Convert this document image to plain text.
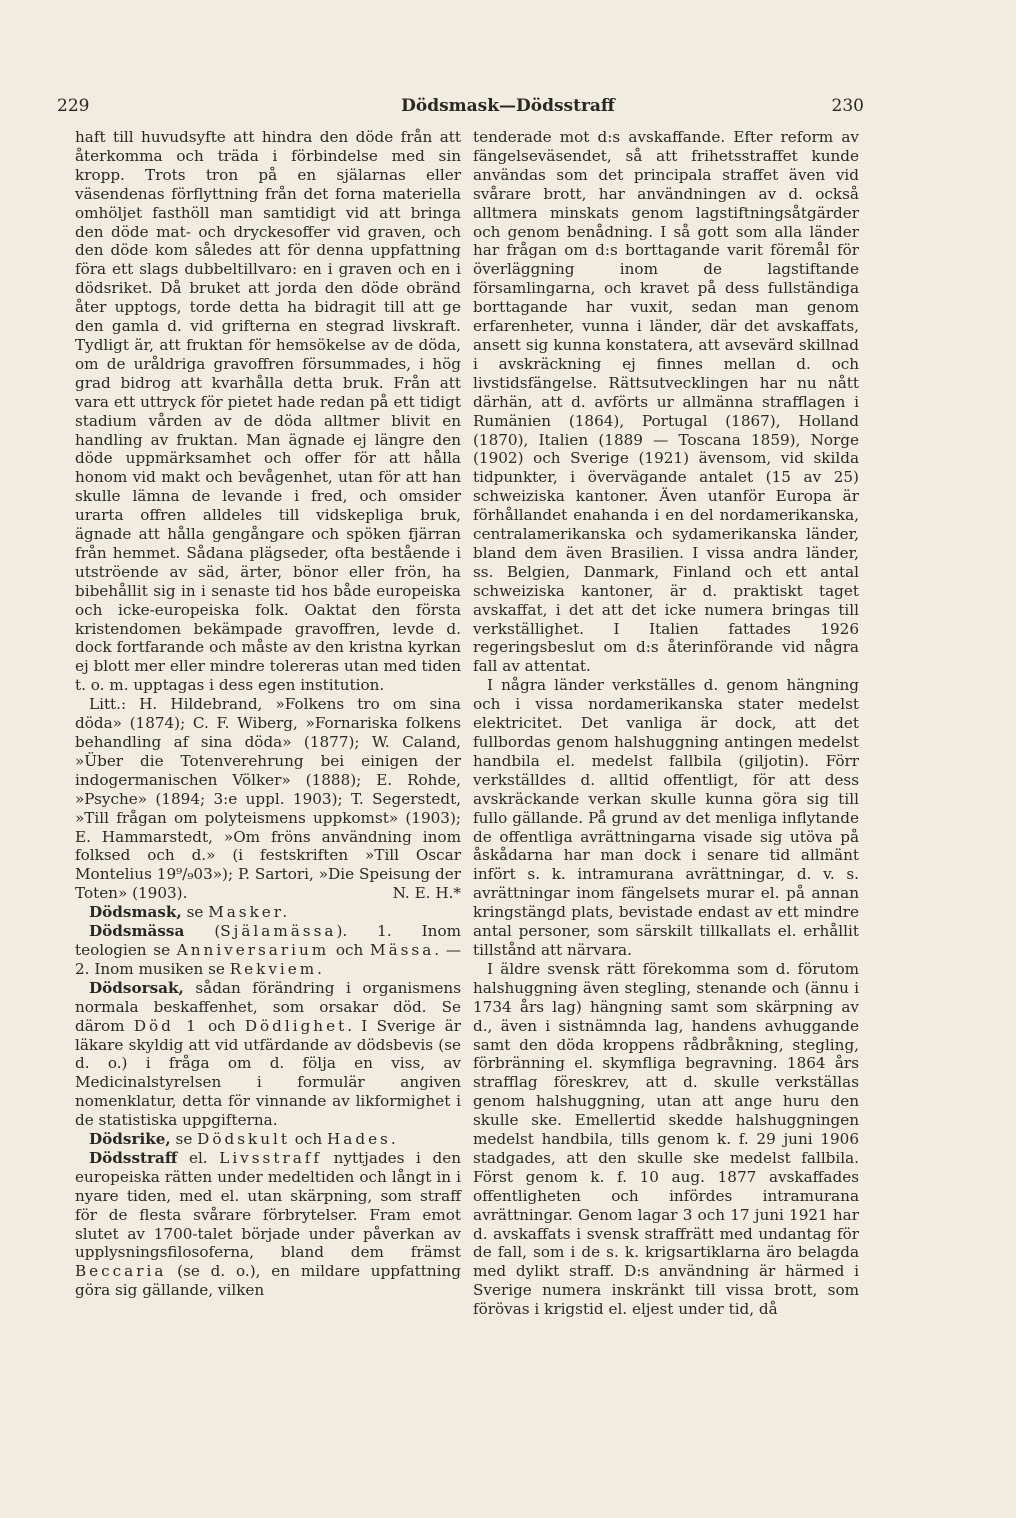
229	Dödsmask—Dödsstraff	230

haft till huvudsyfte att hindra den döde från att återkomma och träda i förbindelse med sin kropp. Trots tron på en själarnas eller väsendenas förflyttning från det forna materiella omhöljet fasthöll man samtidigt vid att bringa den döde mat- och dryckesoffer vid graven, och den döde kom således att för denna uppfattning föra ett slags dubbeltillvaro: en i graven och en i dödsriket. Då bruket att jorda den döde obränd åter upptogs, torde detta ha bidragit till att ge den gamla d. vid grifterna en stegrad livskraft. Tydligt är, att fruktan för hemsökelse av de döda, om de uråldriga gravoffren försummades, i hög grad bidrog att kvarhålla detta bruk. Från att vara ett uttryck för pietet hade redan på ett tidigt stadium vården av de döda alltmer blivit en handling av fruktan. Man ägnade ej längre den döde uppmärksamhet och offer för att hålla honom vid makt och bevågenhet, utan för att han skulle lämna de levande i fred, och omsider urarta offren alldeles till vidskepliga bruk, ägnade att hålla gengångare och spöken fjärran från hemmet. Sådana plägseder, ofta bestående i utströende av säd, ärter, bönor eller frön, ha bibehållit sig in i senaste tid hos både europeiska och icke-europeiska folk. Oaktat den första kristendomen bekämpade gravoffren, levde d. dock fortfarande och måste av den kristna kyrkan ej blott mer eller mindre tolereras utan med tiden t. o. m. upptagas i dess egen institution.

Litt.: H. Hildebrand, »Folkens tro om sina döda» (1874); C. F. Wiberg, »Fornariska folkens behandling af sina döda» (1877); W. Caland, »Über die Totenverehrung bei einigen der indogermanischen Völker» (1888); E. Rohde, »Psyche» (1894; 3:e uppl. 1903); T. Segerstedt, »Till frågan om polyteismens uppkomst» (1903); E. Hammarstedt, »Om fröns användning inom folksed och d.» (i festskriften »Till Oscar Montelius 19⁹/₉03»); P. Sartori, »Die Speisung der Toten» (1903).	N. E. H.*

Dödsmask, se Masker.

Dödsmässa (Själamässa). 1. Inom teologien se Anniversarium och Mässa. — 2. Inom musiken se Rekviem.

Dödsorsak, sådan förändring i organismens normala beskaffenhet, som orsakar död. Se därom Död 1 och Dödlighet. I Sverige är läkare skyldig att vid utfärdande av dödsbevis (se d. o.) i fråga om d. följa en viss, av Medicinalstyrelsen i formulär angiven nomenklatur, detta för vinnande av likformighet i de statistiska uppgifterna.

Dödsrike, se Dödskult och Hades.

Dödsstraff el. Livsstraff nyttjades i den europeiska rätten under medeltiden och långt in i nyare tiden, med el. utan skärpning, som straff för de flesta svårare förbrytelser. Fram emot slutet av 1700-talet började under påverkan av upplysningsfilosoferna, bland dem främst Beccaria (se d. o.), en mildare uppfattning göra sig gällande, vilken

tenderade mot d:s avskaffande. Efter reform av fängelseväsendet, så att frihetsstraffet kunde användas som det principala straffet även vid svårare brott, har användningen av d. också alltmera minskats genom lagstiftningsåtgärder och genom benådning. I så gott som alla länder har frågan om d:s borttagande varit föremål för överläggning inom de lagstiftande församlingarna, och kravet på dess fullständiga borttagande har vuxit, sedan man genom erfarenheter, vunna i länder, där det avskaffats, ansett sig kunna konstatera, att avsevärd skillnad i avskräckning ej finnes mellan d. och livstidsfängelse. Rättsutvecklingen har nu nått därhän, att d. avförts ur allmänna strafflagen i Rumänien (1864), Portugal (1867), Holland (1870), Italien (1889 — Toscana 1859), Norge (1902) och Sverige (1921) ävensom, vid skilda tidpunkter, i övervägande antalet (15 av 25) schweiziska kantoner. Även utanför Europa är förhållandet enahanda i en del nordamerikanska, centralamerikanska och sydamerikanska länder, bland dem även Brasilien. I vissa andra länder, ss. Belgien, Danmark, Finland och ett antal schweiziska kantoner, är d. praktiskt taget avskaffat, i det att det icke numera bringas till verkställighet. I Italien fattades 1926 regeringsbeslut om d:s återinförande vid några fall av attentat.

I några länder verkställes d. genom hängning och i vissa nordamerikanska stater medelst elektricitet. Det vanliga är dock, att det fullbordas genom halshuggning antingen medelst handbila el. medelst fallbila (giljotin). Förr verkställdes d. alltid offentligt, för att dess avskräckande verkan skulle kunna göra sig till fullo gällande. På grund av det menliga inflytande de offentliga avrättningarna visade sig utöva på åskådarna har man dock i senare tid allmänt infört s. k. intramurana avrättningar, d. v. s. avrättningar inom fängelsets murar el. på annan kringstängd plats, bevistade endast av ett mindre antal personer, som särskilt tillkallats el. erhållit tillstånd att närvara.

I äldre svensk rätt förekomma som d. förutom halshuggning även stegling, stenande och (ännu i 1734 års lag) hängning samt som skärpning av d., även i sistnämnda lag, handens avhuggande samt den döda kroppens rådbråkning, stegling, förbränning el. skymfliga begravning. 1864 års strafflag föreskrev, att d. skulle verkställas genom halshuggning, utan att ange huru den skulle ske. Emellertid skedde halshuggningen medelst handbila, tills genom k. f. 29 juni 1906 stadgades, att den skulle ske medelst fallbila. Först genom k. f. 10 aug. 1877 avskaffades offentligheten och infördes intramurana avrättningar. Genom lagar 3 och 17 juni 1921 har d. avskaffats i svensk straffrätt med undantag för de fall, som i de s. k. krigsartiklarna äro belagda med dylikt straff. D:s användning är härmed i Sverige numera inskränkt till vissa brott, som förövas i krigstid el. eljest under tid, då
